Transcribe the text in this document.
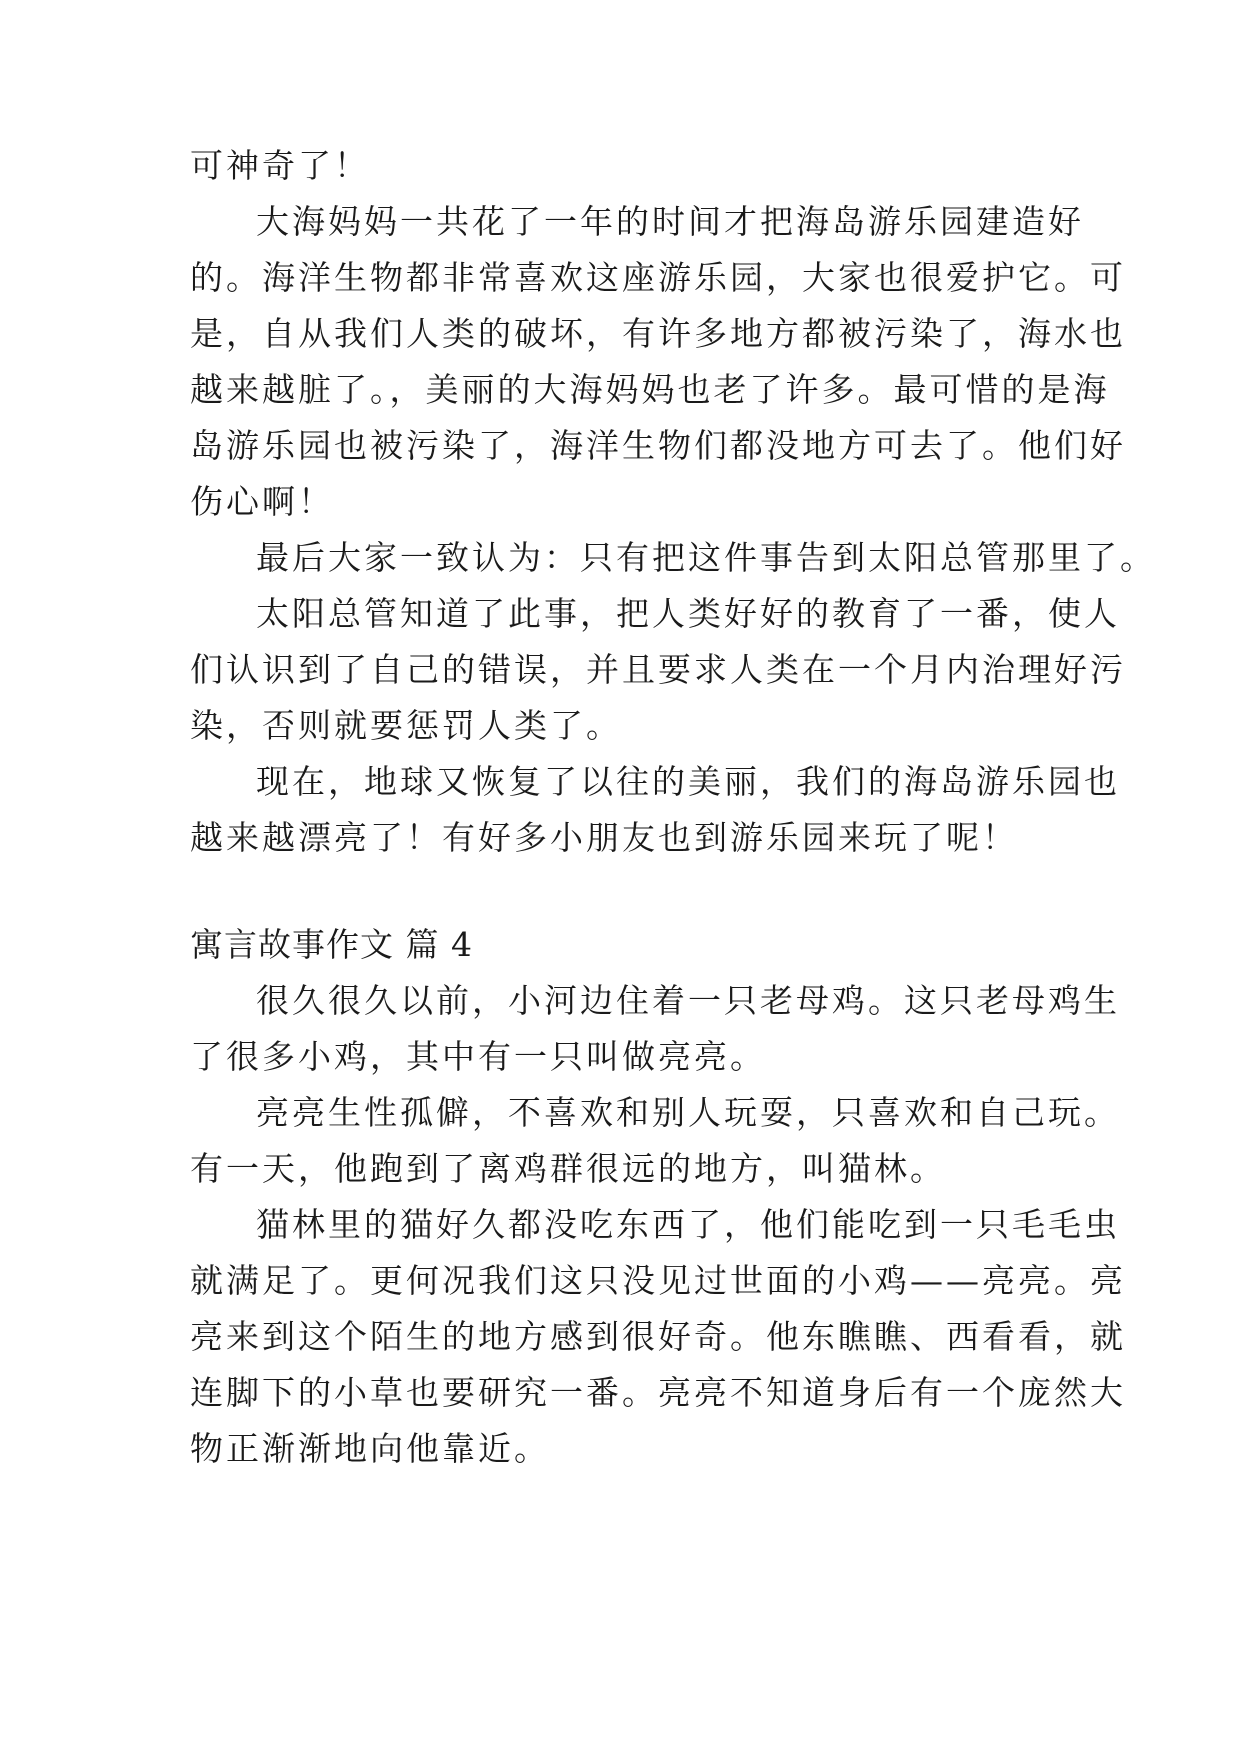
可神奇了！
大海妈妈一共花了一年的时间才把海岛游乐园建造好
的。海洋生物都非常喜欢这座游乐园，大家也很爱护它。可
是，自从我们人类的破坏，有许多地方都被污染了，海水也
越来越脏了。，美丽的大海妈妈也老了许多。最可惜的是海
岛游乐园也被污染了，海洋生物们都没地方可去了。他们好
伤心啊！
最后大家一致认为：只有把这件事告到太阳总管那里了。
太阳总管知道了此事，把人类好好的教育了一番，使人
们认识到了自己的错误，并且要求人类在一个月内治理好污
染，否则就要惩罚人类了。
现在，地球又恢复了以往的美丽，我们的海岛游乐园也
越来越漂亮了！有好多小朋友也到游乐园来玩了呢！
寓言故事作文 篇 4
很久很久以前，小河边住着一只老母鸡。这只老母鸡生
了很多小鸡，其中有一只叫做亮亮。
亮亮生性孤僻，不喜欢和别人玩耍，只喜欢和自己玩。
有一天，他跑到了离鸡群很远的地方，叫猫林。
猫林里的猫好久都没吃东西了，他们能吃到一只毛毛虫
就满足了。更何况我们这只没见过世面的小鸡——亮亮。亮
亮来到这个陌生的地方感到很好奇。他东瞧瞧、西看看，就
连脚下的小草也要研究一番。亮亮不知道身后有一个庞然大
物正渐渐地向他靠近。
